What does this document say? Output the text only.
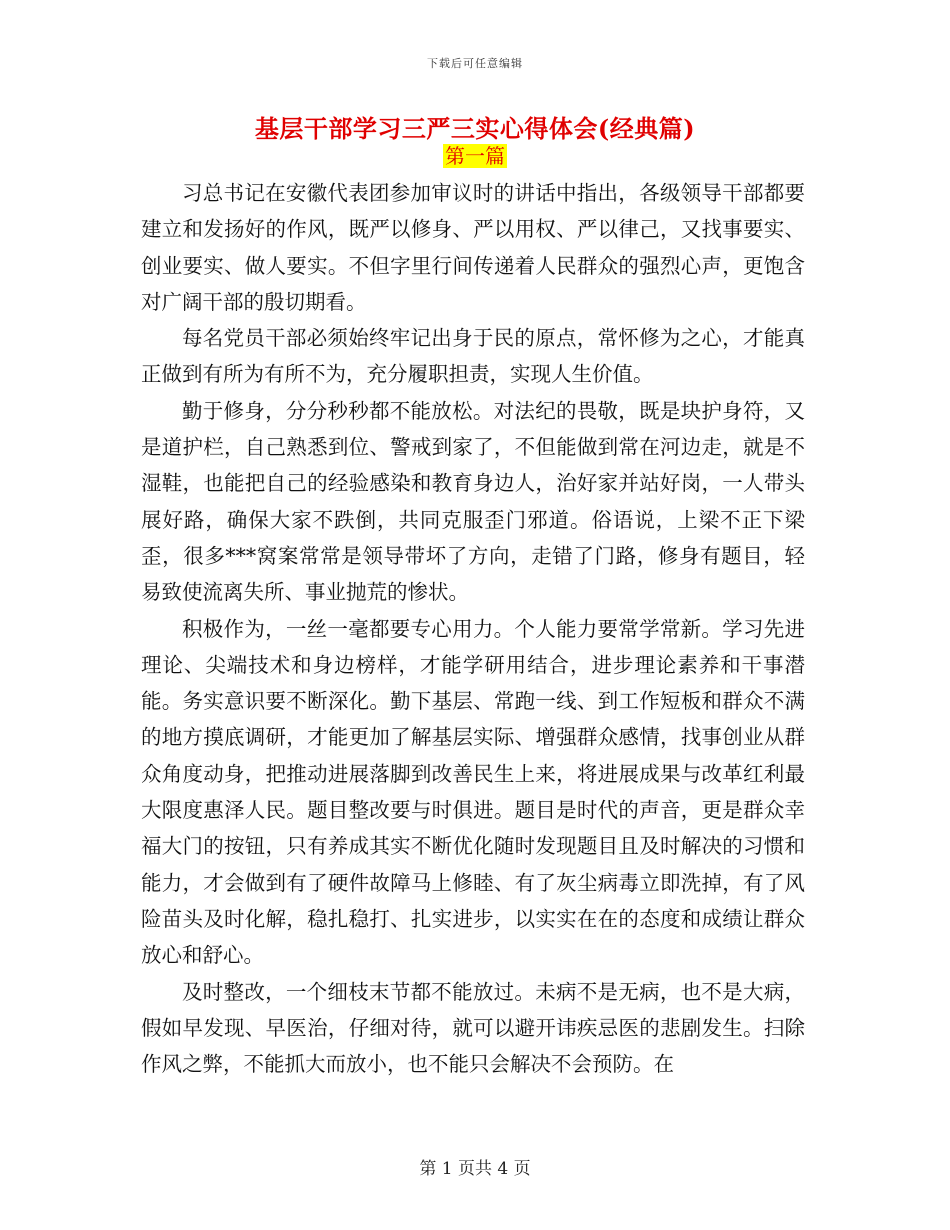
下载后可任意编辑
基层干部学习三严三实心得体会(经典篇)
第一篇

习总书记在安徽代表团参加审议时的讲话中指出，各级领导干部都要建立和发扬好的作风，既严以修身、严以用权、严以律己，又找事要实、创业要实、做人要实。不但字里行间传递着人民群众的强烈心声，更饱含对广阔干部的殷切期看。

每名党员干部必须始终牢记出身于民的原点，常怀修为之心，才能真正做到有所为有所不为，充分履职担责，实现人生价值。

勤于修身，分分秒秒都不能放松。对法纪的畏敬，既是块护身符，又是道护栏，自己熟悉到位、警戒到家了，不但能做到常在河边走，就是不湿鞋，也能把自己的经验感染和教育身边人，治好家并站好岗，一人带头展好路，确保大家不跌倒，共同克服歪门邪道。俗语说，上梁不正下梁歪，很多***窝案常常是领导带坏了方向，走错了门路，修身有题目，轻易致使流离失所、事业抛荒的惨状。

积极作为，一丝一毫都要专心用力。个人能力要常学常新。学习先进理论、尖端技术和身边榜样，才能学研用结合，进步理论素养和干事潜能。务实意识要不断深化。勤下基层、常跑一线、到工作短板和群众不满的地方摸底调研，才能更加了解基层实际、增强群众感情，找事创业从群众角度动身，把推动进展落脚到改善民生上来，将进展成果与改革红利最大限度惠泽人民。题目整改要与时俱进。题目是时代的声音，更是群众幸福大门的按钮，只有养成其实不断优化随时发现题目且及时解决的习惯和能力，才会做到有了硬件故障马上修睦、有了灰尘病毒立即洗掉，有了风险苗头及时化解，稳扎稳打、扎实进步，以实实在在的态度和成绩让群众放心和舒心。

及时整改，一个细枝末节都不能放过。未病不是无病，也不是大病，假如早发现、早医治，仔细对待，就可以避开讳疾忌医的悲剧发生。扫除作风之弊，不能抓大而放小，也不能只会解决不会预防。在

第 1 页共 4 页
